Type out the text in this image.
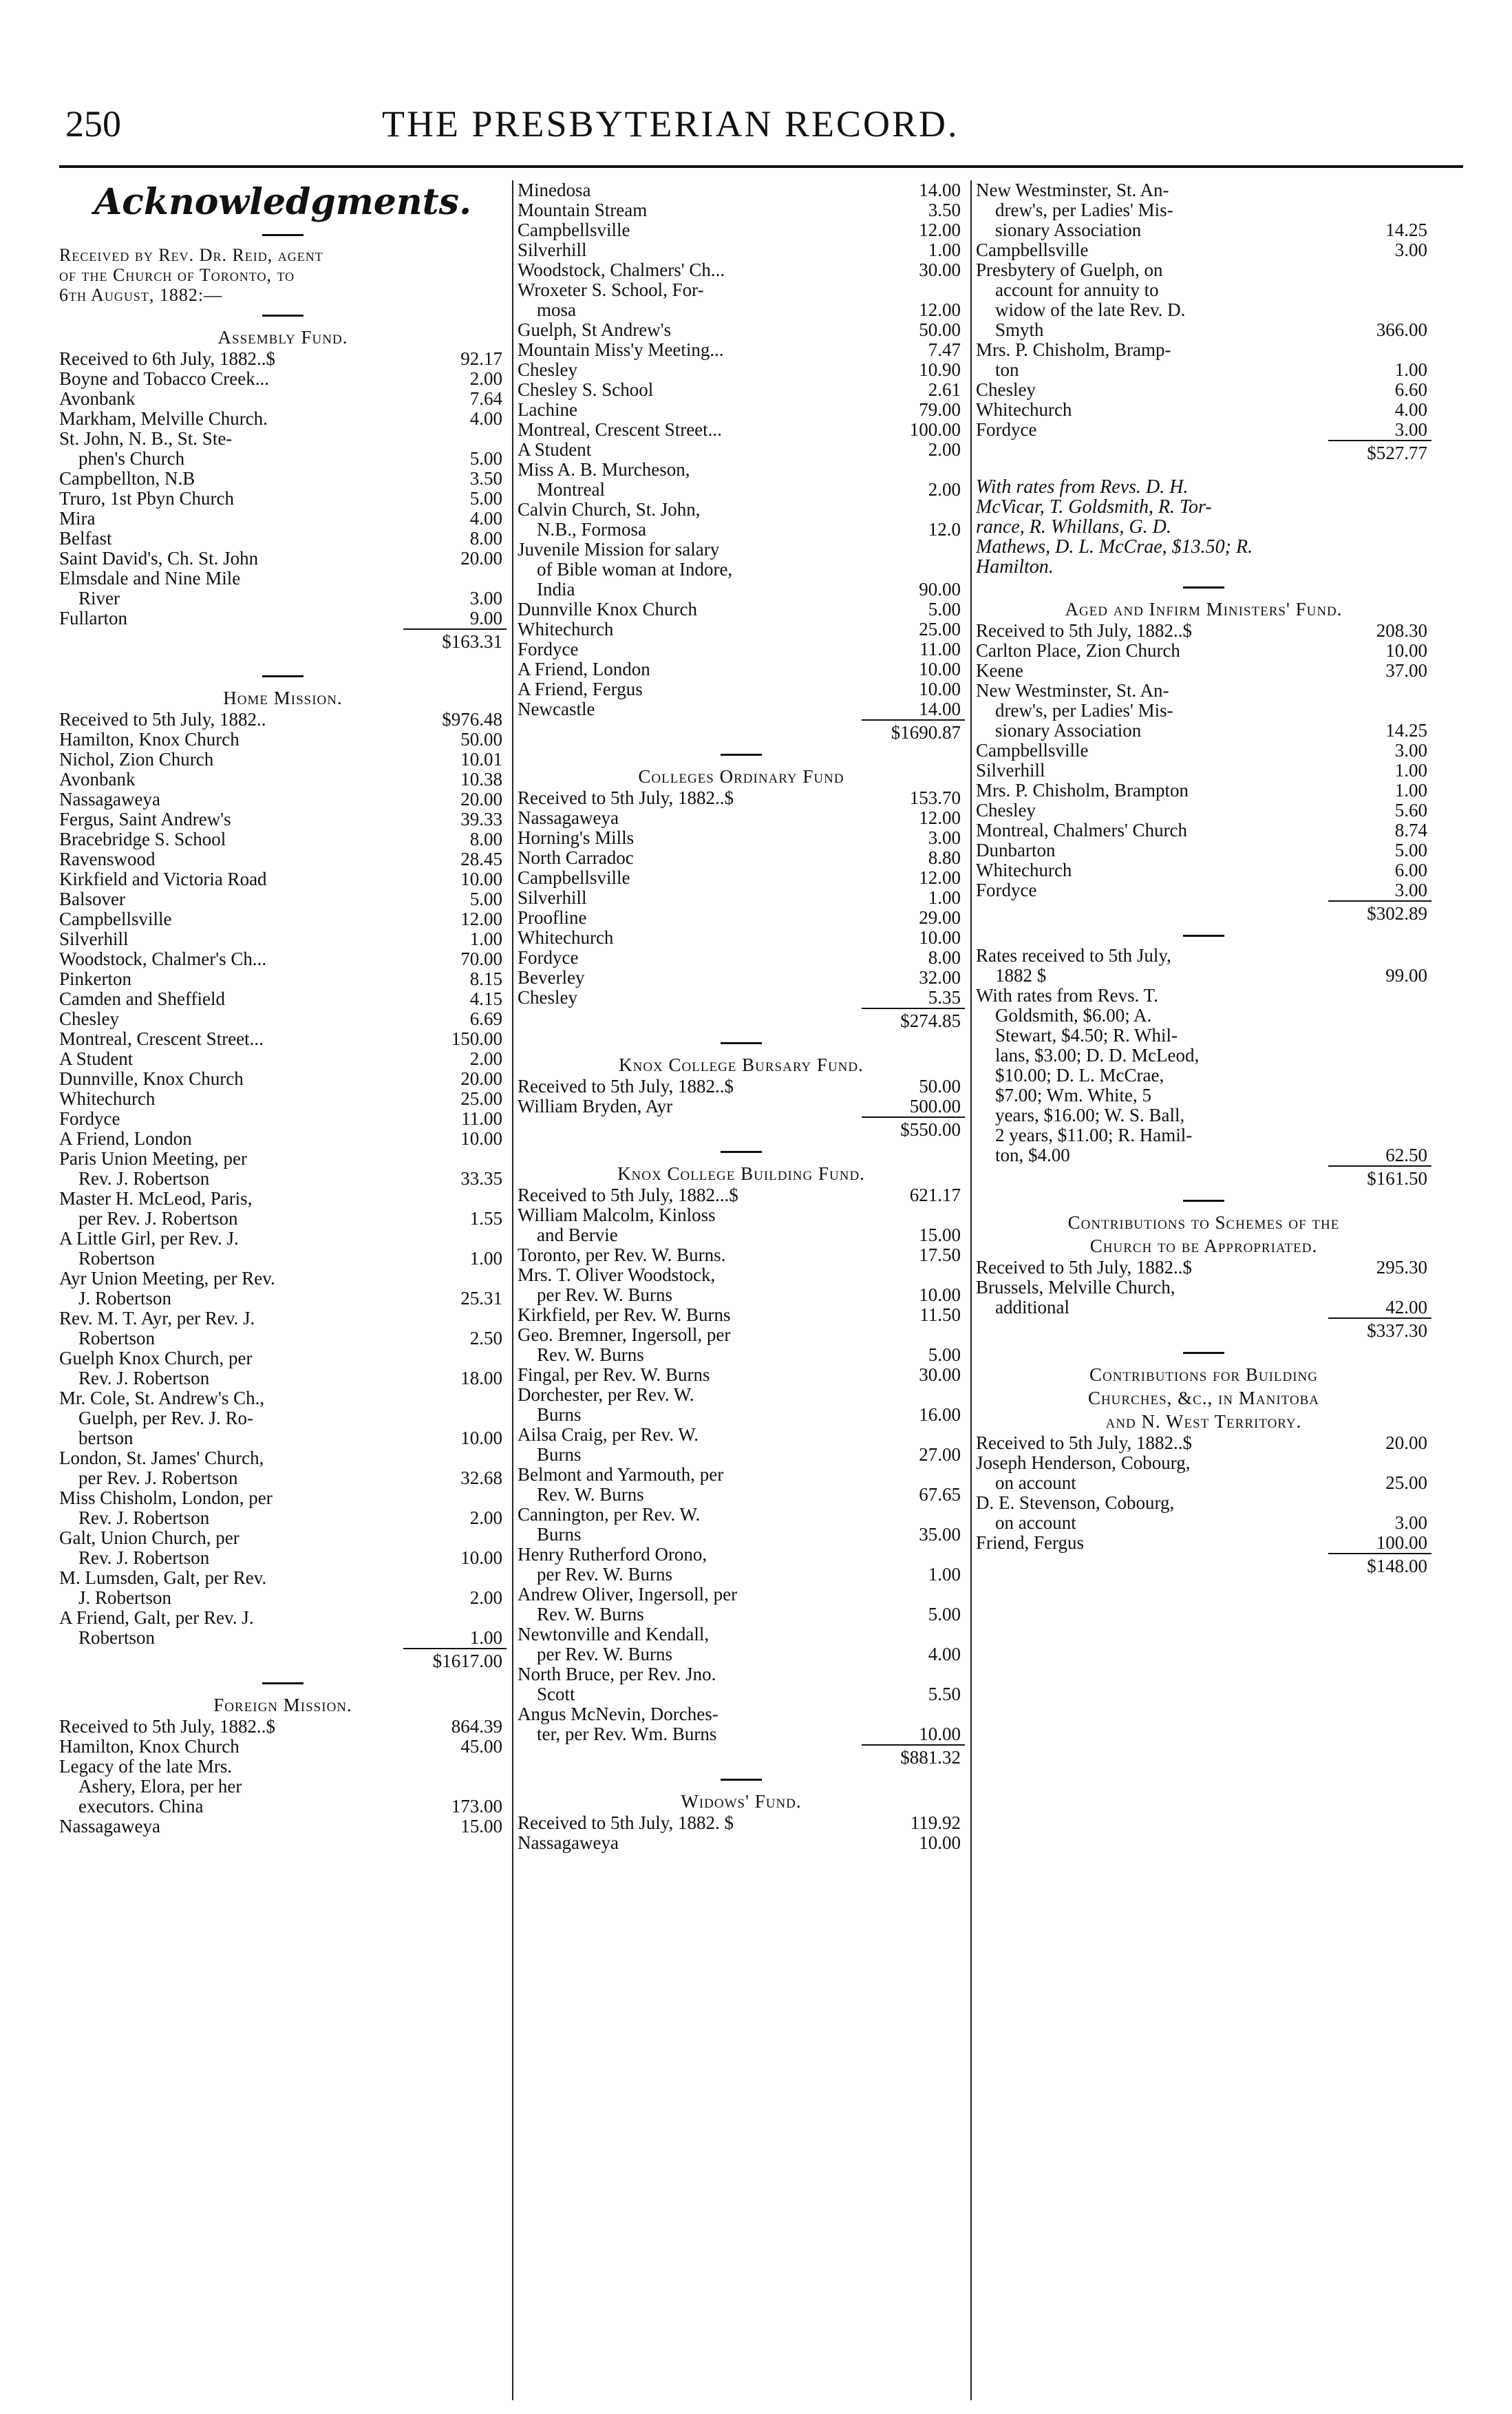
250	THE PRESBYTERIAN RECORD.
Acknowledgments.
Received by Rev. Dr. Reid, agent
of the Church of Toronto, to
6th August, 1882:—
Assembly Fund.
Received to 6th July, 1882..$	92.17
Boyne and Tobacco Creek...	2.00
Avonbank	7.64
Markham, Melville Church.	4.00
St. John, N. B., St. Ste-
phen's Church	5.00
Campbellton, N.B	3.50
Truro, 1st Pbyn Church	5.00
Mira	4.00
Belfast	8.00
Saint David's, Ch. St. John	20.00
Elmsdale and Nine Mile
River	3.00
Fullarton	9.00
$163.31
Home Mission.
Received to 5th July, 1882..	$976.48
Hamilton, Knox Church	50.00
Nichol, Zion Church	10.01
Avonbank	10.38
Nassagaweya	20.00
Fergus, Saint Andrew's	39.33
Bracebridge S. School	8.00
Ravenswood	28.45
Kirkfield and Victoria Road	10.00
Balsover	5.00
Campbellsville	12.00
Silverhill	1.00
Woodstock, Chalmer's Ch...	70.00
Pinkerton	8.15
Camden and Sheffield	4.15
Chesley	6.69
Montreal, Crescent Street...	150.00
A Student	2.00
Dunnville, Knox Church	20.00
Whitechurch	25.00
Fordyce	11.00
A Friend, London	10.00
Paris Union Meeting, per
Rev. J. Robertson	33.35
Master H. McLeod, Paris,
per Rev. J. Robertson	1.55
A Little Girl, per Rev. J.
Robertson	1.00
Ayr Union Meeting, per Rev.
J. Robertson	25.31
Rev. M. T. Ayr, per Rev. J.
Robertson	2.50
Guelph Knox Church, per
Rev. J. Robertson	18.00
Mr. Cole, St. Andrew's Ch.,
Guelph, per Rev. J. Ro-
bertson	10.00
London, St. James' Church,
per Rev. J. Robertson	32.68
Miss Chisholm, London, per
Rev. J. Robertson	2.00
Galt, Union Church, per
Rev. J. Robertson	10.00
M. Lumsden, Galt, per Rev.
J. Robertson	2.00
A Friend, Galt, per Rev. J.
Robertson	1.00
$1617.00
Foreign Mission.
Received to 5th July, 1882..$	864.39
Hamilton, Knox Church	45.00
Legacy of the late Mrs.
Ashery, Elora, per her
executors. China	173.00
Nassagaweya	15.00
Minedosa	14.00
Mountain Stream	3.50
Campbellsville	12.00
Silverhill	1.00
Woodstock, Chalmers' Ch...	30.00
Wroxeter S. School, For-
mosa	12.00
Guelph, St Andrew's	50.00
Mountain Miss'y Meeting...	7.47
Chesley	10.90
Chesley S. School	2.61
Lachine	79.00
Montreal, Crescent Street...	100.00
A Student	2.00
Miss A. B. Murcheson,
Montreal	2.00
Calvin Church, St. John,
N.B., Formosa	12.0
Juvenile Mission for salary
of Bible woman at Indore,
India	90.00
Dunnville Knox Church	5.00
Whitechurch	25.00
Fordyce	11.00
A Friend, London	10.00
A Friend, Fergus	10.00
Newcastle	14.00
$1690.87
Colleges Ordinary Fund
Received to 5th July, 1882..$	153.70
Nassagaweya	12.00
Horning's Mills	3.00
North Carradoc	8.80
Campbellsville	12.00
Silverhill	1.00
Proofline	29.00
Whitechurch	10.00
Fordyce	8.00
Beverley	32.00
Chesley	5.35
$274.85
Knox College Bursary Fund.
Received to 5th July, 1882..$	50.00
William Bryden, Ayr	500.00
$550.00
Knox College Building Fund.
Received to 5th July, 1882...$	621.17
William Malcolm, Kinloss
and Bervie	15.00
Toronto, per Rev. W. Burns.	17.50
Mrs. T. Oliver Woodstock,
per Rev. W. Burns	10.00
Kirkfield, per Rev. W. Burns	11.50
Geo. Bremner, Ingersoll, per
Rev. W. Burns	5.00
Fingal, per Rev. W. Burns	30.00
Dorchester, per Rev. W.
Burns	16.00
Ailsa Craig, per Rev. W.
Burns	27.00
Belmont and Yarmouth, per
Rev. W. Burns	67.65
Cannington, per Rev. W.
Burns	35.00
Henry Rutherford Orono,
per Rev. W. Burns	1.00
Andrew Oliver, Ingersoll, per
Rev. W. Burns	5.00
Newtonville and Kendall,
per Rev. W. Burns	4.00
North Bruce, per Rev. Jno.
Scott	5.50
Angus McNevin, Dorches-
ter, per Rev. Wm. Burns	10.00
$881.32
Widows' Fund.
Received to 5th July, 1882. $	119.92
Nassagaweya	10.00
New Westminster, St. An-
drew's, per Ladies' Mis-
sionary Association	14.25
Campbellsville	3.00
Presbytery of Guelph, on
account for annuity to
widow of the late Rev. D.
Smyth	366.00
Mrs. P. Chisholm, Bramp-
ton	1.00
Chesley	6.60
Whitechurch	4.00
Fordyce	3.00
$527.77
With rates from Revs. D. H.
McVicar, T. Goldsmith, R. Tor-
rance, R. Whillans, G. D.
Mathews, D. L. McCrae, $13.50; R.
Hamilton.
Aged and Infirm Ministers' Fund.
Received to 5th July, 1882..$	208.30
Carlton Place, Zion Church	10.00
Keene	37.00
New Westminster, St. An-
drew's, per Ladies' Mis-
sionary Association	14.25
Campbellsville	3.00
Silverhill	1.00
Mrs. P. Chisholm, Brampton	1.00
Chesley	5.60
Montreal, Chalmers' Church	8.74
Dunbarton	5.00
Whitechurch	6.00
Fordyce	3.00
$302.89
Rates received to 5th July,
1882 $	99.00
With rates from Revs. T.
Goldsmith, $6.00; A.
Stewart, $4.50; R. Whil-
lans, $3.00; D. D. McLeod,
$10.00; D. L. McCrae,
$7.00; Wm. White, 5
years, $16.00; W. S. Ball,
2 years, $11.00; R. Hamil-
ton, $4.00	62.50
$161.50
Contributions to Schemes of the
Church to be Appropriated.
Received to 5th July, 1882..$	295.30
Brussels, Melville Church,
additional	42.00
$337.30
Contributions for Building
Churches, &c., in Manitoba
and N. West Territory.
Received to 5th July, 1882..$	20.00
Joseph Henderson, Cobourg,
on account	25.00
D. E. Stevenson, Cobourg,
on account	3.00
Friend, Fergus	100.00
$148.00
